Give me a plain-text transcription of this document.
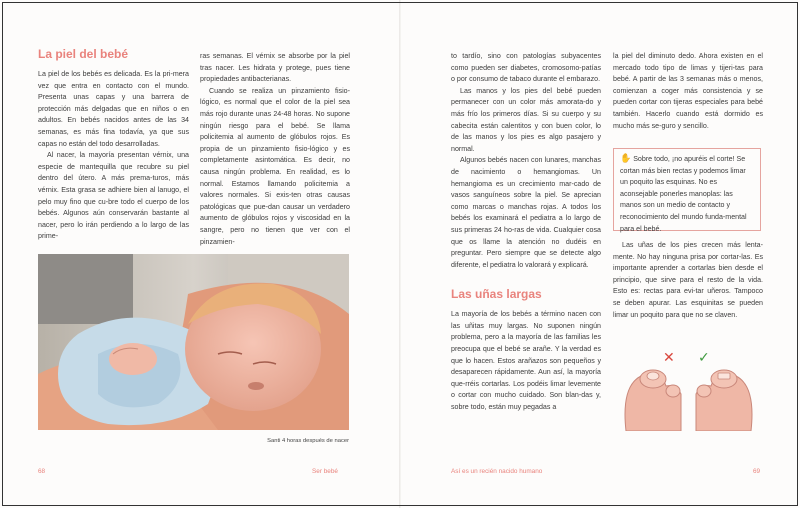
La piel del bebé

La piel de los bebés es delicada. Es la pri-mera vez que entra en contacto con el mundo. Presenta unas capas y una barrera de protección más delgadas que en niños o en adultos. En bebés nacidos antes de las 34 semanas, es más fina todavía, ya que sus capas no están del todo desarrolladas.

Al nacer, la mayoría presentan vérnix, una especie de mantequilla que recubre su piel dentro del útero. A más prema-turos, más vérnix. Esta grasa se adhiere bien al lanugo, el pelo muy fino que cu-bre todo el cuerpo de los bebés. Algunos aún conservarán bastante al nacer, pero lo irán perdiendo a lo largo de las prime-

ras semanas. El vérnix se absorbe por la piel tras nacer. Les hidrata y protege, pues tiene propiedades antibacterianas.

Cuando se realiza un pinzamiento fisio-lógico, es normal que el color de la piel sea más rojo durante unas 24-48 horas. No supone ningún riesgo para el bebé. Se llama policitemia al aumento de glóbulos rojos. Es propia de un pinzamiento fisio-lógico y es completamente asintomática. Es decir, no causa ningún problema. En realidad, es lo normal. Estamos llamando policitemia a valores normales. Si exis-ten otras causas patológicas que pue-dan causar un verdadero aumento de glóbulos rojos y viscosidad en la sangre, pero no tienen que ver con el pinzamien-

Santi 4 horas después de nacer

to tardío, sino con patologías subyacentes como pueden ser diabetes, cromosomo-patías o por consumo de tabaco durante el embarazo.

Las manos y los pies del bebé pueden permanecer con un color más amorata-do y más frío los primeros días. Si su cuerpo y su cabecita están calentitos y con buen color, lo de las manos y los pies es algo pasajero y normal.

Algunos bebés nacen con lunares, manchas de nacimiento o hemangiomas. Un hemangioma es un crecimiento mar-cado de vasos sanguíneos sobre la piel. Se aprecian como marcas o manchas rojas. A todos los bebés los examinará el pediatra a lo largo de sus primeras 24 ho-ras de vida. Cualquier cosa que os llame la atención no dudéis en preguntar. Pero siempre que se detecte algo diferente, el pediatra lo valorará y explicará.

Las uñas largas

La mayoría de los bebés a término nacen con las uñitas muy largas. No suponen ningún problema, pero a la mayoría de las familias les preocupa que el bebé se arañe. Y la verdad es que lo hacen. Estos arañazos son pequeños y desaparecen rápidamente. Aun así, la mayoría que-rréis cortarlas. Los podéis limar levemente o cortar con mucho cuidado. Son blan-das y, sobre todo, están muy pegadas a

la piel del diminuto dedo. Ahora existen en el mercado todo tipo de limas y tijeri-tas para bebé. A partir de las 3 semanas más o menos, comienzan a coger más consistencia y se pueden cortar con tijeras especiales para bebé también. Hacerlo cuando está dormido es mucho más se-guro y sencillo.

✋ Sobre todo, ¡no apuréis el corte! Se cortan más bien rectas y podemos limar un poquito las esquinas. No es aconsejable ponerles manoplas: las manos son un medio de contacto y reconocimiento del mundo funda-mental para el bebé.

Las uñas de los pies crecen más lenta-mente. No hay ninguna prisa por cortar-las. Es importante aprender a cortarlas bien desde el principio, que sirve para el resto de la vida. Esto es: rectas para evi-tar uñeros. Tampoco se deben apurar. Las esquinitas se pueden limar un poquito para que no se claven.

✕ ✓
68	Ser bebé	Así es un recién nacido humano	69
